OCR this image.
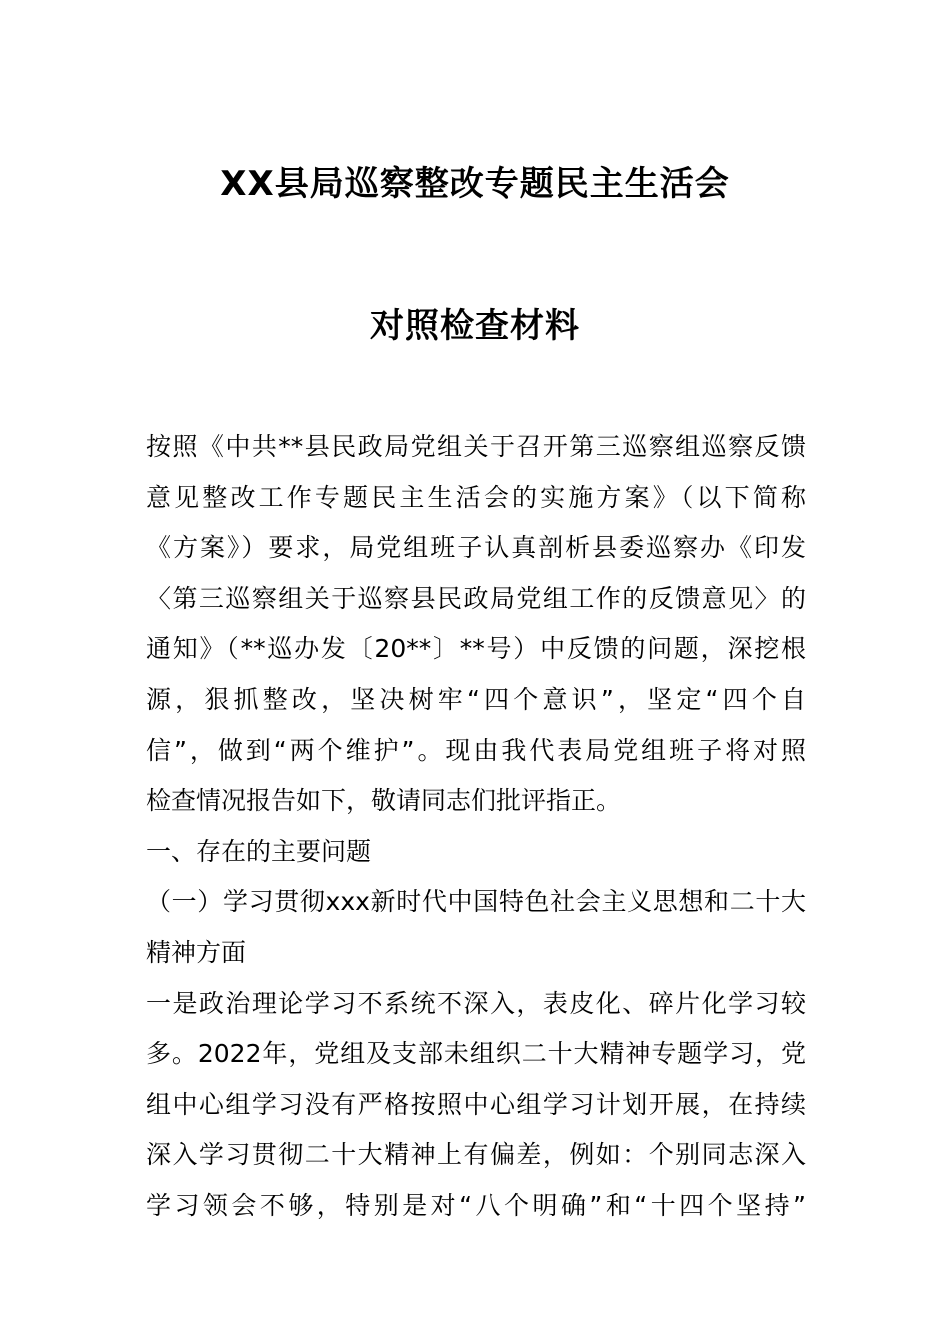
XX县局巡察整改专题民主生活会
对照检查材料
按照《中共**县民政局党组关于召开第三巡察组巡察反馈
意见整改工作专题民主生活会的实施方案》（以下简称
《方案》）要求，局党组班子认真剖析县委巡察办《印发
〈第三巡察组关于巡察县民政局党组工作的反馈意见〉的
通知》（**巡办发〔20**〕**号）中反馈的问题，深挖根
源，狠抓整改，坚决树牢“四个意识”，坚定“四个自
信”，做到“两个维护”。现由我代表局党组班子将对照
检查情况报告如下，敬请同志们批评指正。
一、存在的主要问题
（一）学习贯彻xxx新时代中国特色社会主义思想和二十大
精神方面
一是政治理论学习不系统不深入，表皮化、碎片化学习较
多。2022年，党组及支部未组织二十大精神专题学习，党
组中心组学习没有严格按照中心组学习计划开展，在持续
深入学习贯彻二十大精神上有偏差，例如：个别同志深入
学习领会不够，特别是对“八个明确”和“十四个坚持”
